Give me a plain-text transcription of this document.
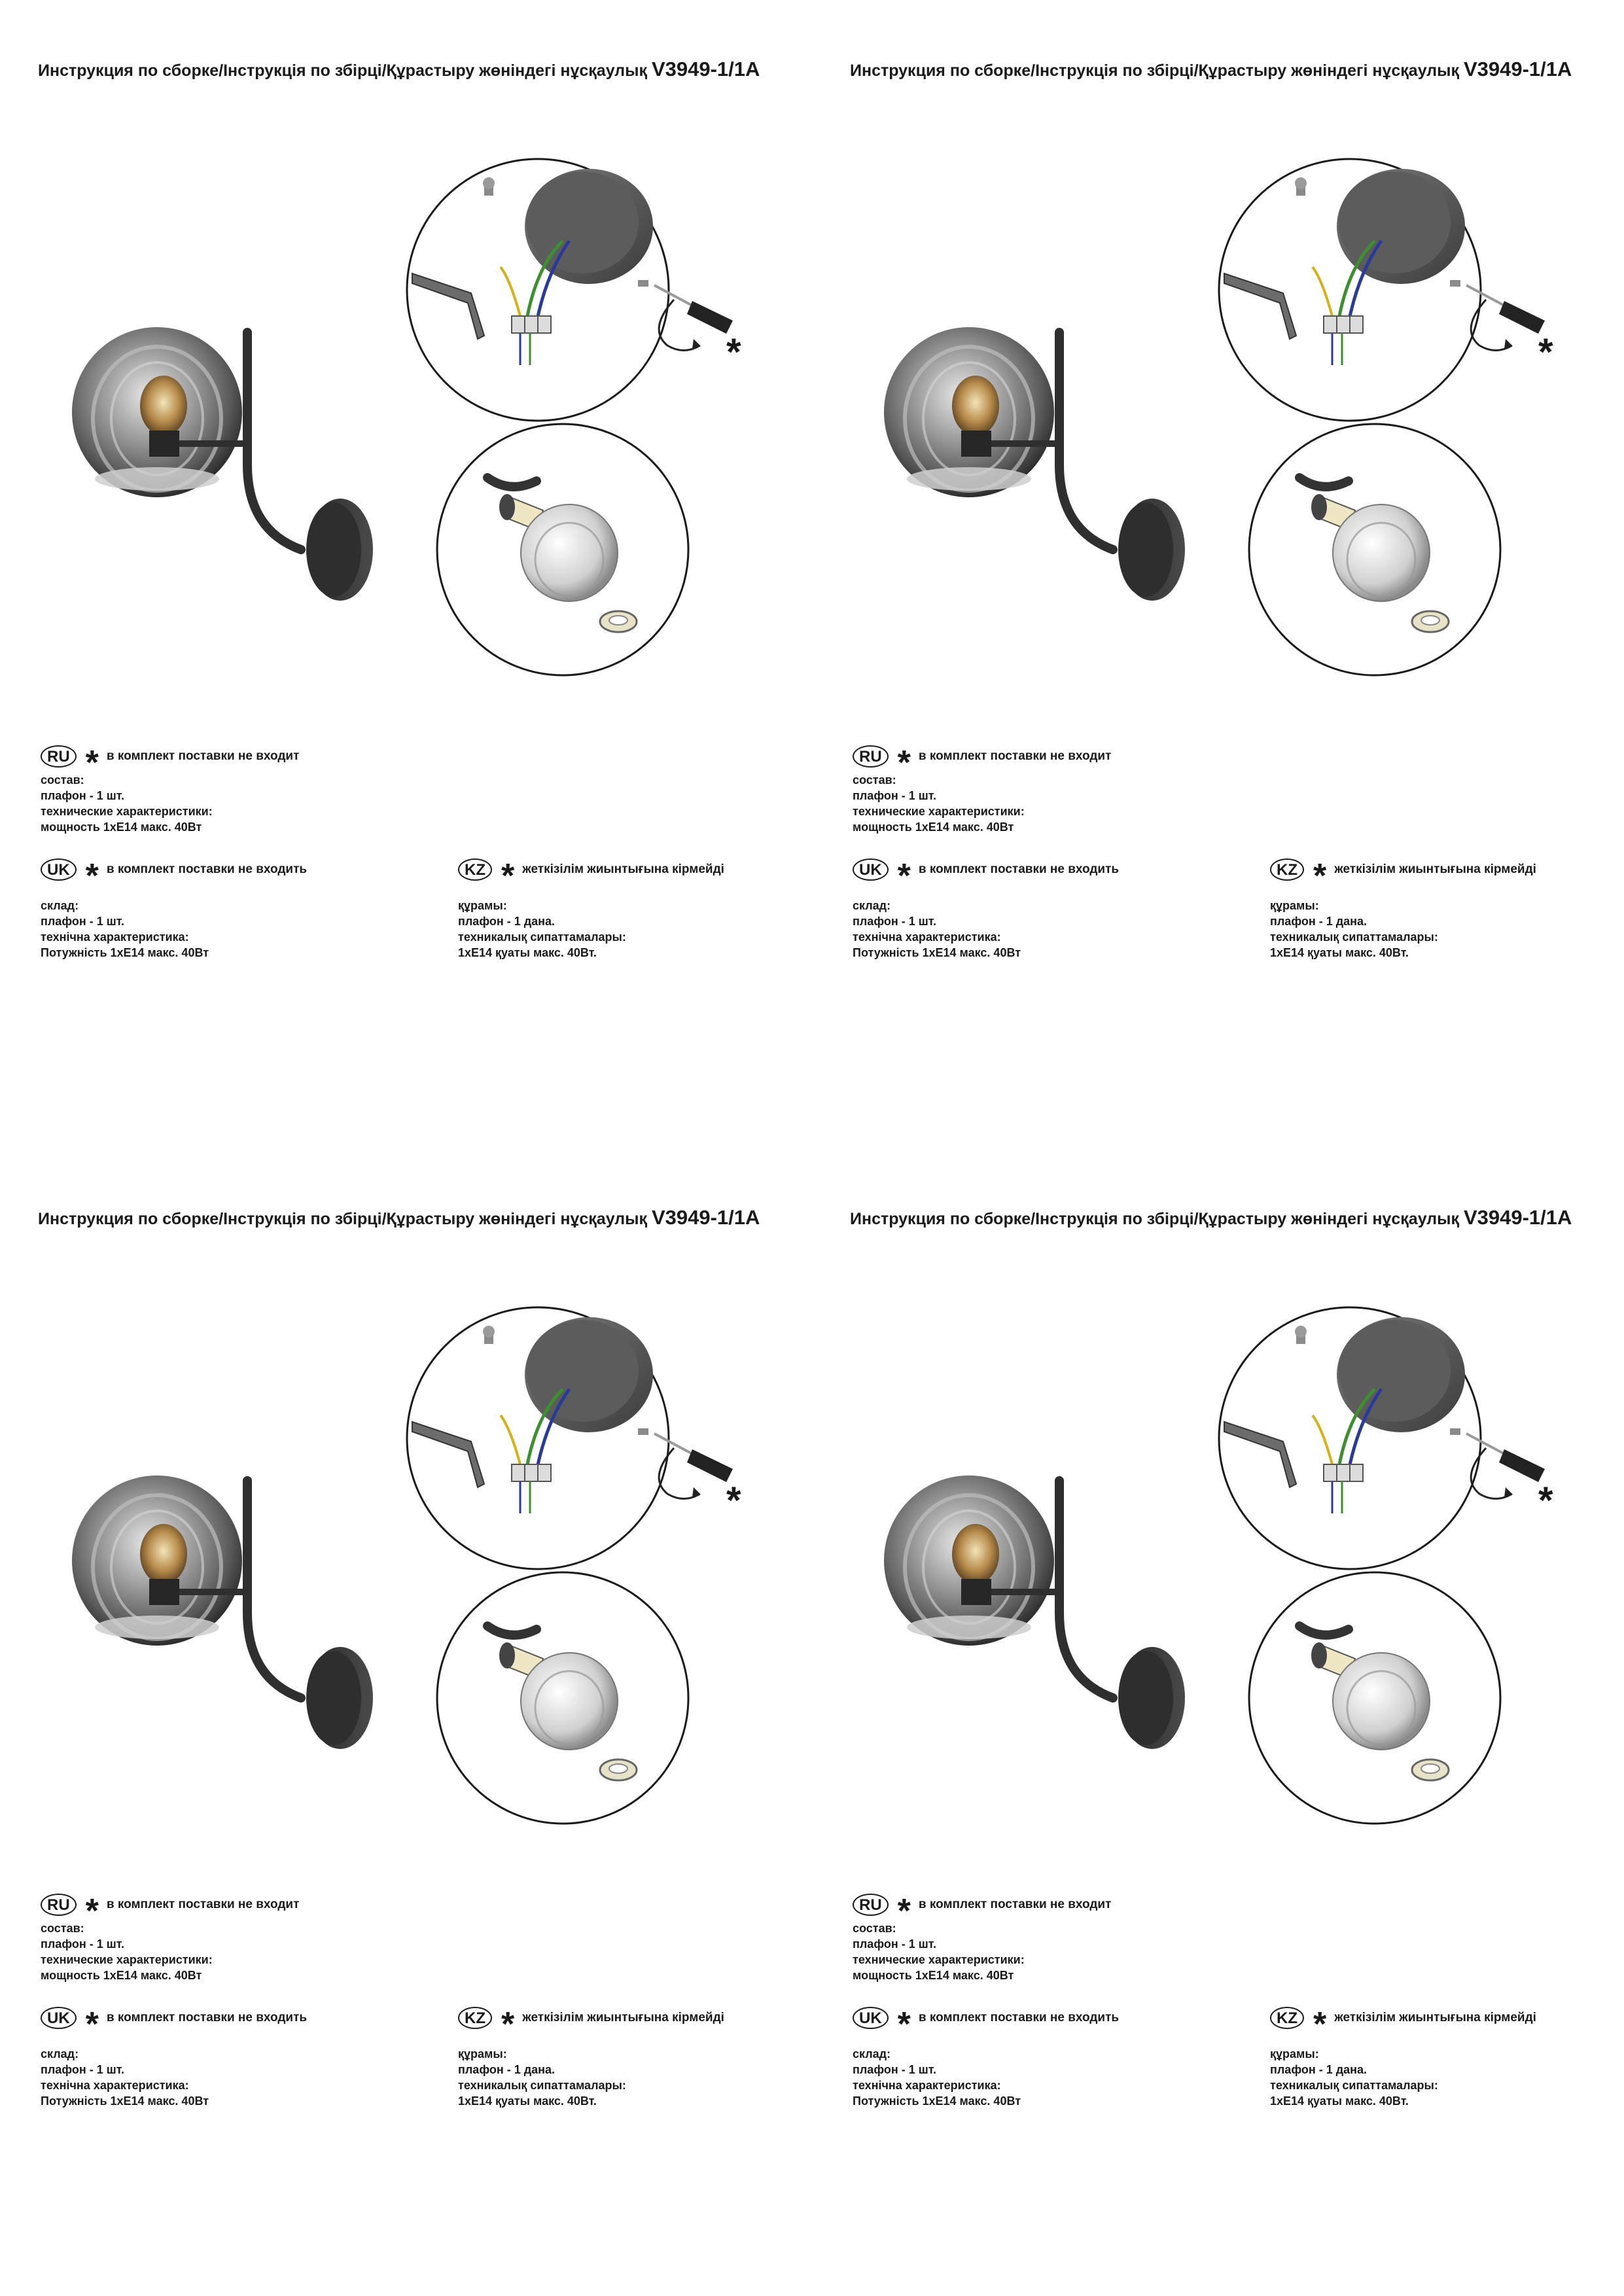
Инструкция по сборке/Інструкція по збірці/Құрастыру жөніндегі нұсқаулық V3949-1/1A
*
RU * в комплект поставки не входит
состав:
плафон - 1 шт.
технические характеристики:
мощность 1хЕ14 макс. 40Вт
UK * в комплект поставки не входить
склад:
плафон - 1 шт.
технічна характеристика:
Потужність 1хЕ14 макс. 40Вт
KZ * жеткізілім жиынтығына кірмейді
құрамы:
плафон - 1 дана.
техникалық сипаттамалары:
1хЕ14 қуаты макс. 40Вт.
Инструкция по сборке/Інструкція по збірці/Құрастыру жөніндегі нұсқаулық V3949-1/1A
*
RU * в комплект поставки не входит
состав:
плафон - 1 шт.
технические характеристики:
мощность 1хЕ14 макс. 40Вт
UK * в комплект поставки не входить
склад:
плафон - 1 шт.
технічна характеристика:
Потужність 1хЕ14 макс. 40Вт
KZ * жеткізілім жиынтығына кірмейді
құрамы:
плафон - 1 дана.
техникалық сипаттамалары:
1хЕ14 қуаты макс. 40Вт.
Инструкция по сборке/Інструкція по збірці/Құрастыру жөніндегі нұсқаулық V3949-1/1A
*
RU * в комплект поставки не входит
состав:
плафон - 1 шт.
технические характеристики:
мощность 1хЕ14 макс. 40Вт
UK * в комплект поставки не входить
склад:
плафон - 1 шт.
технічна характеристика:
Потужність 1хЕ14 макс. 40Вт
KZ * жеткізілім жиынтығына кірмейді
құрамы:
плафон - 1 дана.
техникалық сипаттамалары:
1хЕ14 қуаты макс. 40Вт.
Инструкция по сборке/Інструкція по збірці/Құрастыру жөніндегі нұсқаулық V3949-1/1A
*
RU * в комплект поставки не входит
состав:
плафон - 1 шт.
технические характеристики:
мощность 1хЕ14 макс. 40Вт
UK * в комплект поставки не входить
склад:
плафон - 1 шт.
технічна характеристика:
Потужність 1хЕ14 макс. 40Вт
KZ * жеткізілім жиынтығына кірмейді
құрамы:
плафон - 1 дана.
техникалық сипаттамалары:
1хЕ14 қуаты макс. 40Вт.
